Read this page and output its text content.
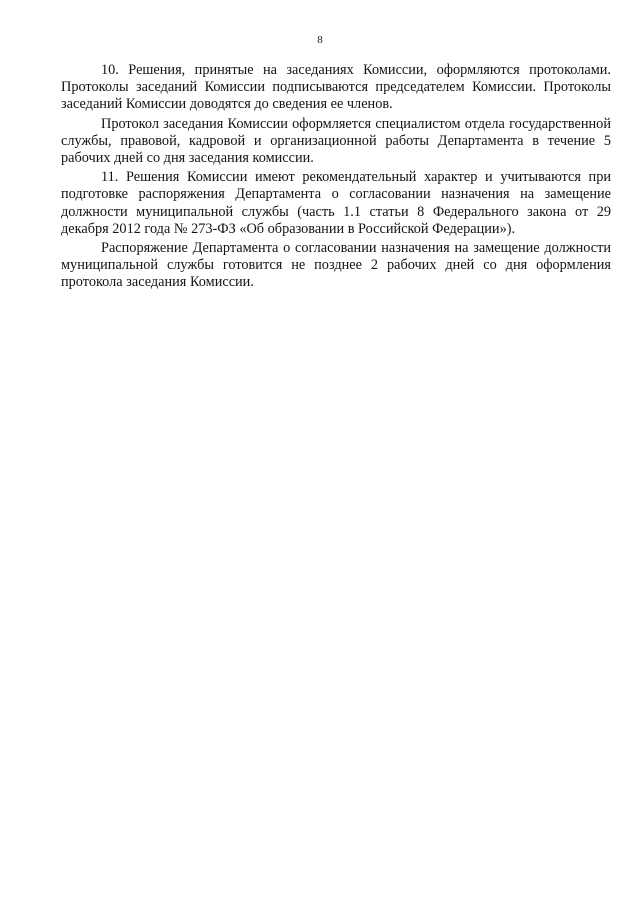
8

10. Решения, принятые на заседаниях Комиссии, оформляются протоколами. Протоколы заседаний Комиссии подписываются председателем Комиссии. Протоколы заседаний Комиссии доводятся до сведения ее членов.

Протокол заседания Комиссии оформляется специалистом отдела государственной службы, правовой, кадровой и организационной работы Департамента в течение 5 рабочих дней со дня заседания комиссии.

11. Решения Комиссии имеют рекомендательный характер и учитываются при подготовке распоряжения Департамента о согласовании назначения на замещение должности муниципальной службы (часть 1.1 статьи 8 Федерального закона от 29 декабря 2012 года № 273-ФЗ «Об образовании в Российской Федерации»).

Распоряжение Департамента о согласовании назначения на замещение должности муниципальной службы готовится не позднее 2 рабочих дней со дня оформления протокола заседания Комиссии.
